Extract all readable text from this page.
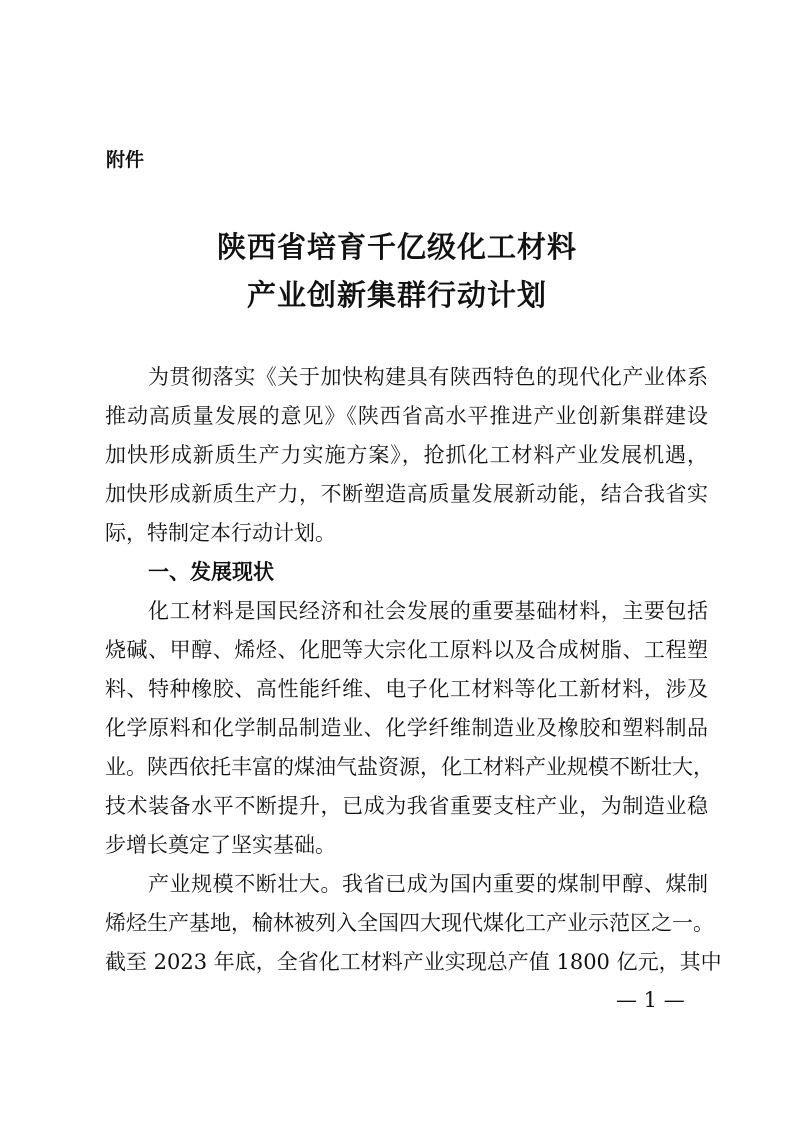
附件
陕西省培育千亿级化工材料
产业创新集群行动计划
为贯彻落实《关于加快构建具有陕西特色的现代化产业体系
推动高质量发展的意见》《陕西省高水平推进产业创新集群建设
加快形成新质生产力实施方案》，抢抓化工材料产业发展机遇，
加快形成新质生产力，不断塑造高质量发展新动能，结合我省实
际，特制定本行动计划。
一、发展现状
化工材料是国民经济和社会发展的重要基础材料，主要包括
烧碱、甲醇、烯烃、化肥等大宗化工原料以及合成树脂、工程塑
料、特种橡胶、高性能纤维、电子化工材料等化工新材料，涉及
化学原料和化学制品制造业、化学纤维制造业及橡胶和塑料制品
业。陕西依托丰富的煤油气盐资源，化工材料产业规模不断壮大，
技术装备水平不断提升，已成为我省重要支柱产业，为制造业稳
步增长奠定了坚实基础。
产业规模不断壮大。我省已成为国内重要的煤制甲醇、煤制
烯烃生产基地，榆林被列入全国四大现代煤化工产业示范区之一。
截至 2023 年底，全省化工材料产业实现总产值 1800 亿元，其中
— 1 —
